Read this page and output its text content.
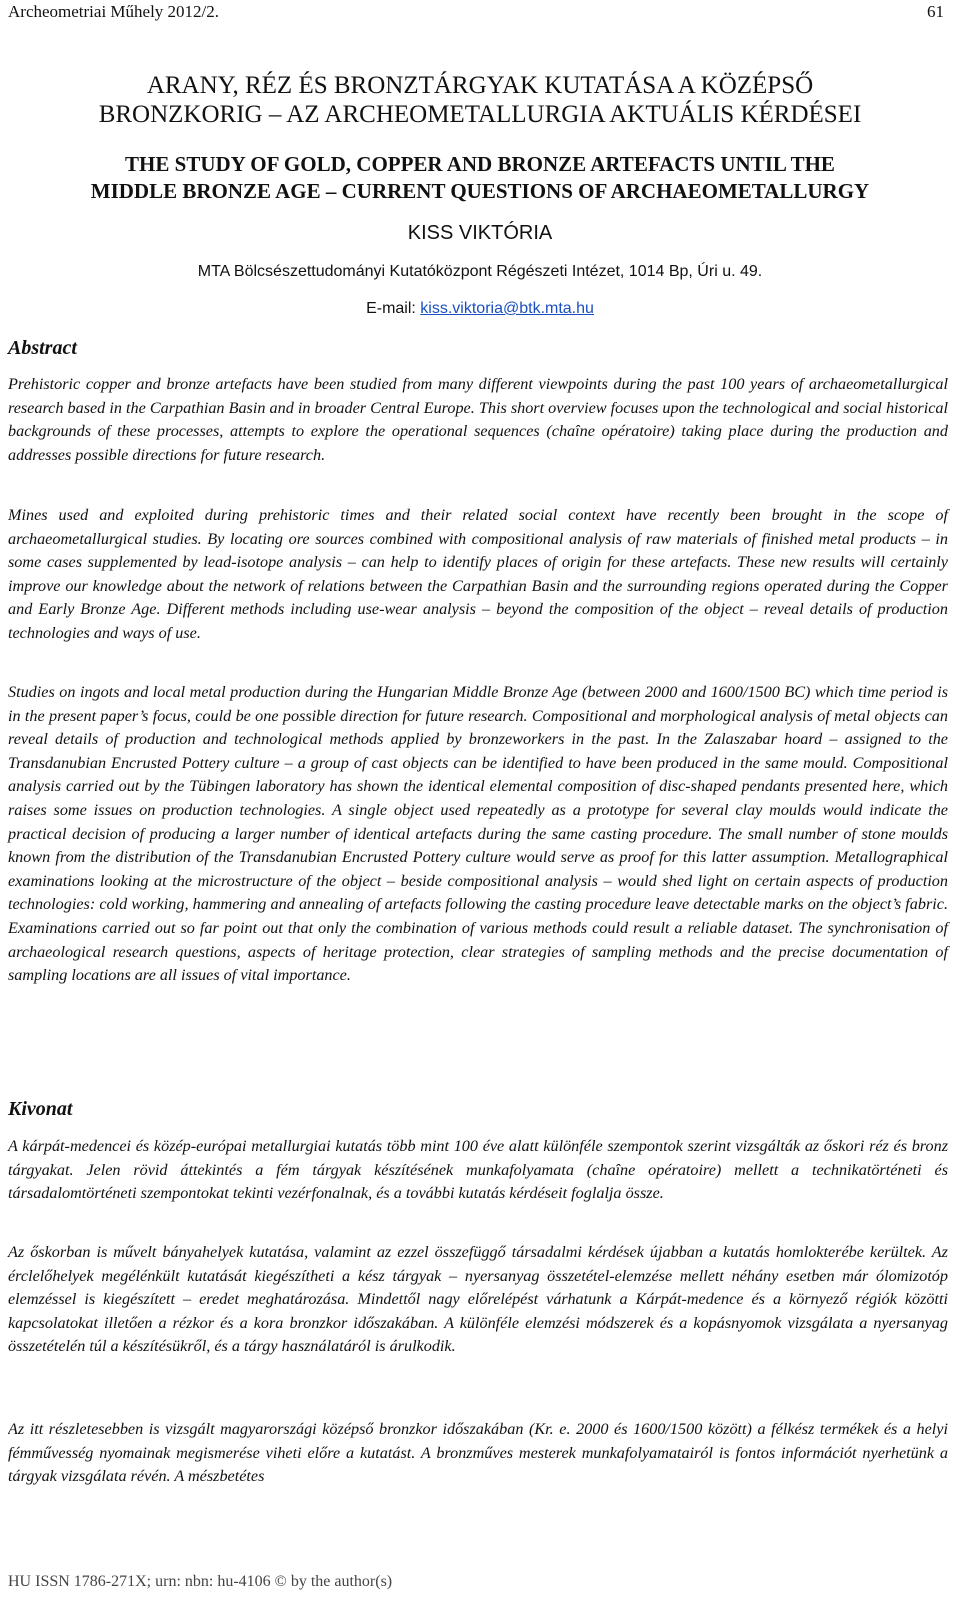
Archeometriai Műhely 2012/2.	61
ARANY, RÉZ ÉS BRONZTÁRGYAK KUTATÁSA A KÖZÉPSŐ
BRONZKORIG – AZ ARCHEOMETALLURGIA AKTUÁLIS KÉRDÉSEI
THE STUDY OF GOLD, COPPER AND BRONZE ARTEFACTS UNTIL THE
MIDDLE BRONZE AGE – CURRENT QUESTIONS OF ARCHAEOMETALLURGY
KISS VIKTÓRIA
MTA Bölcsészettudományi Kutatóközpont Régészeti Intézet, 1014 Bp, Úri u. 49.
E-mail: kiss.viktoria@btk.mta.hu
Abstract

Prehistoric copper and bronze artefacts have been studied from many different viewpoints during the past 100 years of archaeometallurgical research based in the Carpathian Basin and in broader Central Europe. This short overview focuses upon the technological and social historical backgrounds of these processes, attempts to explore the operational sequences (chaîne opératoire) taking place during the production and addresses possible directions for future research.

Mines used and exploited during prehistoric times and their related social context have recently been brought in the scope of archaeometallurgical studies. By locating ore sources combined with compositional analysis of raw materials of finished metal products – in some cases supplemented by lead-isotope analysis – can help to identify places of origin for these artefacts. These new results will certainly improve our knowledge about the network of relations between the Carpathian Basin and the surrounding regions operated during the Copper and Early Bronze Age. Different methods including use-wear analysis – beyond the composition of the object – reveal details of production technologies and ways of use.

Studies on ingots and local metal production during the Hungarian Middle Bronze Age (between 2000 and 1600/1500 BC) which time period is in the present paper’s focus, could be one possible direction for future research. Compositional and morphological analysis of metal objects can reveal details of production and technological methods applied by bronzeworkers in the past. In the Zalaszabar hoard – assigned to the Transdanubian Encrusted Pottery culture – a group of cast objects can be identified to have been produced in the same mould. Compositional analysis carried out by the Tübingen laboratory has shown the identical elemental composition of disc-shaped pendants presented here, which raises some issues on production technologies. A single object used repeatedly as a prototype for several clay moulds would indicate the practical decision of producing a larger number of identical artefacts during the same casting procedure. The small number of stone moulds known from the distribution of the Transdanubian Encrusted Pottery culture would serve as proof for this latter assumption. Metallographical examinations looking at the microstructure of the object – beside compositional analysis – would shed light on certain aspects of production technologies: cold working, hammering and annealing of artefacts following the casting procedure leave detectable marks on the object’s fabric. Examinations carried out so far point out that only the combination of various methods could result a reliable dataset. The synchronisation of archaeological research questions, aspects of heritage protection, clear strategies of sampling methods and the precise documentation of sampling locations are all issues of vital importance.

Kivonat

A kárpát-medencei és közép-európai metallurgiai kutatás több mint 100 éve alatt különféle szempontok szerint vizsgálták az őskori réz és bronz tárgyakat. Jelen rövid áttekintés a fém tárgyak készítésének munkafolyamata (chaîne opératoire) mellett a technikatörténeti és társadalomtörténeti szempontokat tekinti vezérfonalnak, és a további kutatás kérdéseit foglalja össze.

Az őskorban is művelt bányahelyek kutatása, valamint az ezzel összefüggő társadalmi kérdések újabban a kutatás homlokterébe kerültek. Az érclelőhelyek megélénkült kutatását kiegészítheti a kész tárgyak – nyersanyag összetétel-elemzése mellett néhány esetben már ólomizotóp elemzéssel is kiegészített – eredet meghatározása. Mindettől nagy előrelépést várhatunk a Kárpát-medence és a környező régiók közötti kapcsolatokat illetően a rézkor és a kora bronzkor időszakában. A különféle elemzési módszerek és a kopásnyomok vizsgálata a nyersanyag összetételén túl a készítésükről, és a tárgy használatáról is árulkodik.

Az itt részletesebben is vizsgált magyarországi középső bronzkor időszakában (Kr. e. 2000 és 1600/1500 között) a félkész termékek és a helyi fémművesség nyomainak megismerése viheti előre a kutatást. A bronzműves mesterek munkafolyamatairól is fontos információt nyerhetünk a tárgyak vizsgálata révén. A mészbetétes

HU ISSN 1786-271X; urn: nbn: hu-4106 © by the author(s)
